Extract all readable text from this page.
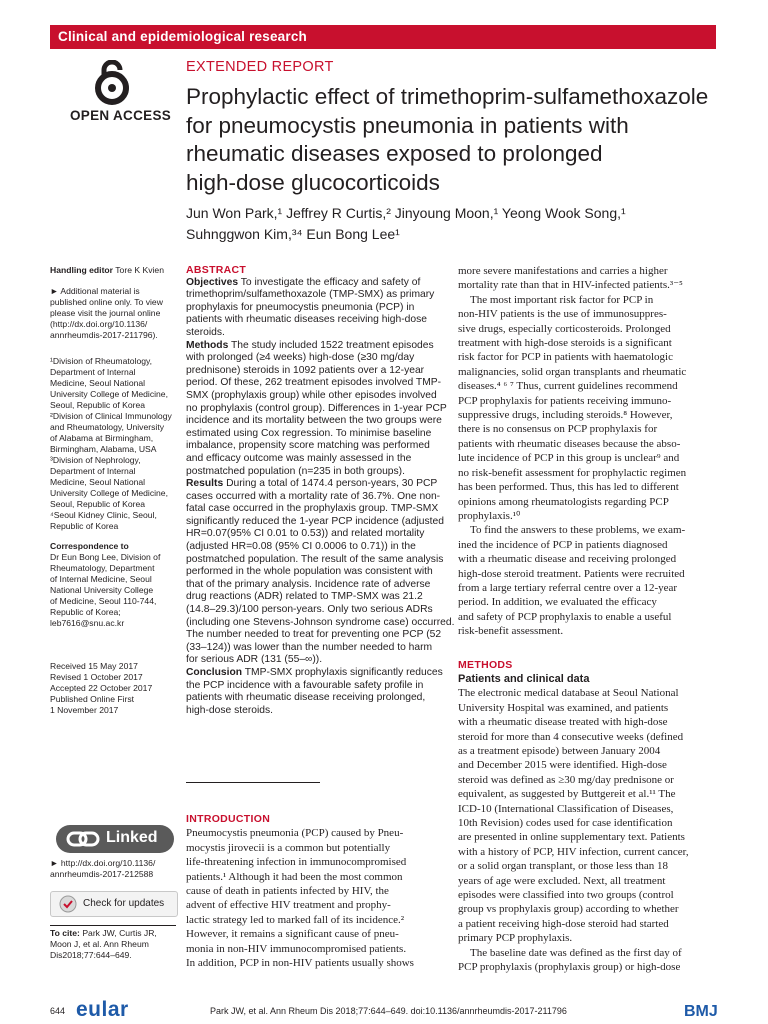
Clinical and epidemiological research
OPEN ACCESS
EXTENDED REPORT
Prophylactic effect of trimethoprim-sulfamethoxazole
for pneumocystis pneumonia in patients with
rheumatic diseases exposed to prolonged
high-dose glucocorticoids
Jun Won Park,¹ Jeffrey R Curtis,² Jinyoung Moon,¹ Yeong Wook Song,¹
Suhnggwon Kim,³⁴ Eun Bong Lee¹
Handling editor Tore K Kvien
► Additional material is
published online only. To view
please visit the journal online
(http://dx.doi.org/10.1136/
annrheumdis-2017-211796).
¹Division of Rheumatology,
Department of Internal
Medicine, Seoul National
University College of Medicine,
Seoul, Republic of Korea
²Division of Clinical Immunology
and Rheumatology, University
of Alabama at Birmingham,
Birmingham, Alabama, USA
³Division of Nephrology,
Department of Internal
Medicine, Seoul National
University College of Medicine,
Seoul, Republic of Korea
⁴Seoul Kidney Clinic, Seoul,
Republic of Korea
Correspondence to
Dr Eun Bong Lee, Division of
Rheumatology, Department
of Internal Medicine, Seoul
National University College
of Medicine, Seoul 110-744,
Republic of Korea;
leb7616@snu.ac.kr
Received 15 May 2017
Revised 1 October 2017
Accepted 22 October 2017
Published Online First
1 November 2017
Linked
► http://dx.doi.org/10.1136/
annrheumdis-2017-212588
Check for updates
To cite: Park JW, Curtis JR,
Moon J, et al. Ann Rheum Dis2018;77:644–649.
ABSTRACT
Objectives To investigate the efficacy and safety of
trimethoprim/sulfamethoxazole (TMP-SMX) as primary
prophylaxis for pneumocystis pneumonia (PCP) in
patients with rheumatic diseases receiving high-dose
steroids.
Methods The study included 1522 treatment episodes
with prolonged (≥4 weeks) high-dose (≥30 mg/day
prednisone) steroids in 1092 patients over a 12-year
period. Of these, 262 treatment episodes involved TMP-
SMX (prophylaxis group) while other episodes involved
no prophylaxis (control group). Differences in 1-year PCP
incidence and its mortality between the two groups were
estimated using Cox regression. To minimise baseline
imbalance, propensity score matching was performed
and efficacy outcome was mainly assessed in the
postmatched population (n=235 in both groups).
Results During a total of 1474.4 person-years, 30 PCP
cases occurred with a mortality rate of 36.7%. One non-
fatal case occurred in the prophylaxis group. TMP-SMX
significantly reduced the 1-year PCP incidence (adjusted
HR=0.07(95% CI 0.01 to 0.53)) and related mortality
(adjusted HR=0.08 (95% CI 0.0006 to 0.71)) in the
postmatched population. The result of the same analysis
performed in the whole population was consistent with
that of the primary analysis. Incidence rate of adverse
drug reactions (ADR) related to TMP-SMX was 21.2
(14.8–29.3)/100 person-years. Only two serious ADRs
(including one Stevens-Johnson syndrome case) occurred.
The number needed to treat for preventing one PCP (52
(33–124)) was lower than the number needed to harm
for serious ADR (131 (55–∞)).
Conclusion TMP-SMX prophylaxis significantly reduces
the PCP incidence with a favourable safety profile in
patients with rheumatic disease receiving prolonged,
high-dose steroids.
INTRODUCTION
Pneumocystis pneumonia (PCP) caused by Pneu-
mocystis jirovecii is a common but potentially
life-threatening infection in immunocompromised
patients.¹ Although it had been the most common
cause of death in patients infected by HIV, the
advent of effective HIV treatment and prophy-
lactic strategy led to marked fall of its incidence.²
However, it remains a significant cause of pneu-
monia in non-HIV immunocompromised patients.
In addition, PCP in non-HIV patients usually shows
more severe manifestations and carries a higher
mortality rate than that in HIV-infected patients.³⁻⁵
The most important risk factor for PCP in
non-HIV patients is the use of immunosuppres-
sive drugs, especially corticosteroids. Prolonged
treatment with high-dose steroids is a significant
risk factor for PCP in patients with haematologic
malignancies, solid organ transplants and rheumatic
diseases.⁴ ⁶ ⁷ Thus, current guidelines recommend
PCP prophylaxis for patients receiving immuno-
suppressive drugs, including steroids.⁸ However,
there is no consensus on PCP prophylaxis for
patients with rheumatic diseases because the abso-
lute incidence of PCP in this group is unclear⁹ and
no risk-benefit assessment for prophylactic regimen
has been performed. Thus, this has led to different
opinions among rheumatologists regarding PCP
prophylaxis.¹⁰
To find the answers to these problems, we exam-
ined the incidence of PCP in patients diagnosed
with a rheumatic disease and receiving prolonged
high-dose steroid treatment. Patients were recruited
from a large tertiary referral centre over a 12-year
period. In addition, we evaluated the efficacy
and safety of PCP prophylaxis to enable a useful
risk-benefit assessment.
METHODS
Patients and clinical data
The electronic medical database at Seoul National
University Hospital was examined, and patients
with a rheumatic disease treated with high-dose
steroid for more than 4 consecutive weeks (defined
as a treatment episode) between January 2004
and December 2015 were identified. High-dose
steroid was defined as ≥30 mg/day prednisone or
equivalent, as suggested by Buttgereit et al.¹¹ The
ICD-10 (International Classification of Diseases,
10th Revision) codes used for case identification
are presented in online supplementary text. Patients
with a history of PCP, HIV infection, current cancer,
or a solid organ transplant, or those less than 18
years of age were excluded. Next, all treatment
episodes were classified into two groups (control
group vs prophylaxis group) according to whether
a patient receiving high-dose steroid had started
primary PCP prophylaxis.
The baseline date was defined as the first day of
PCP prophylaxis (prophylaxis group) or high-dose
644 eular	Park JW, et al. Ann Rheum Dis 2018;77:644–649. doi:10.1136/annrheumdis-2017-211796	BMJ
